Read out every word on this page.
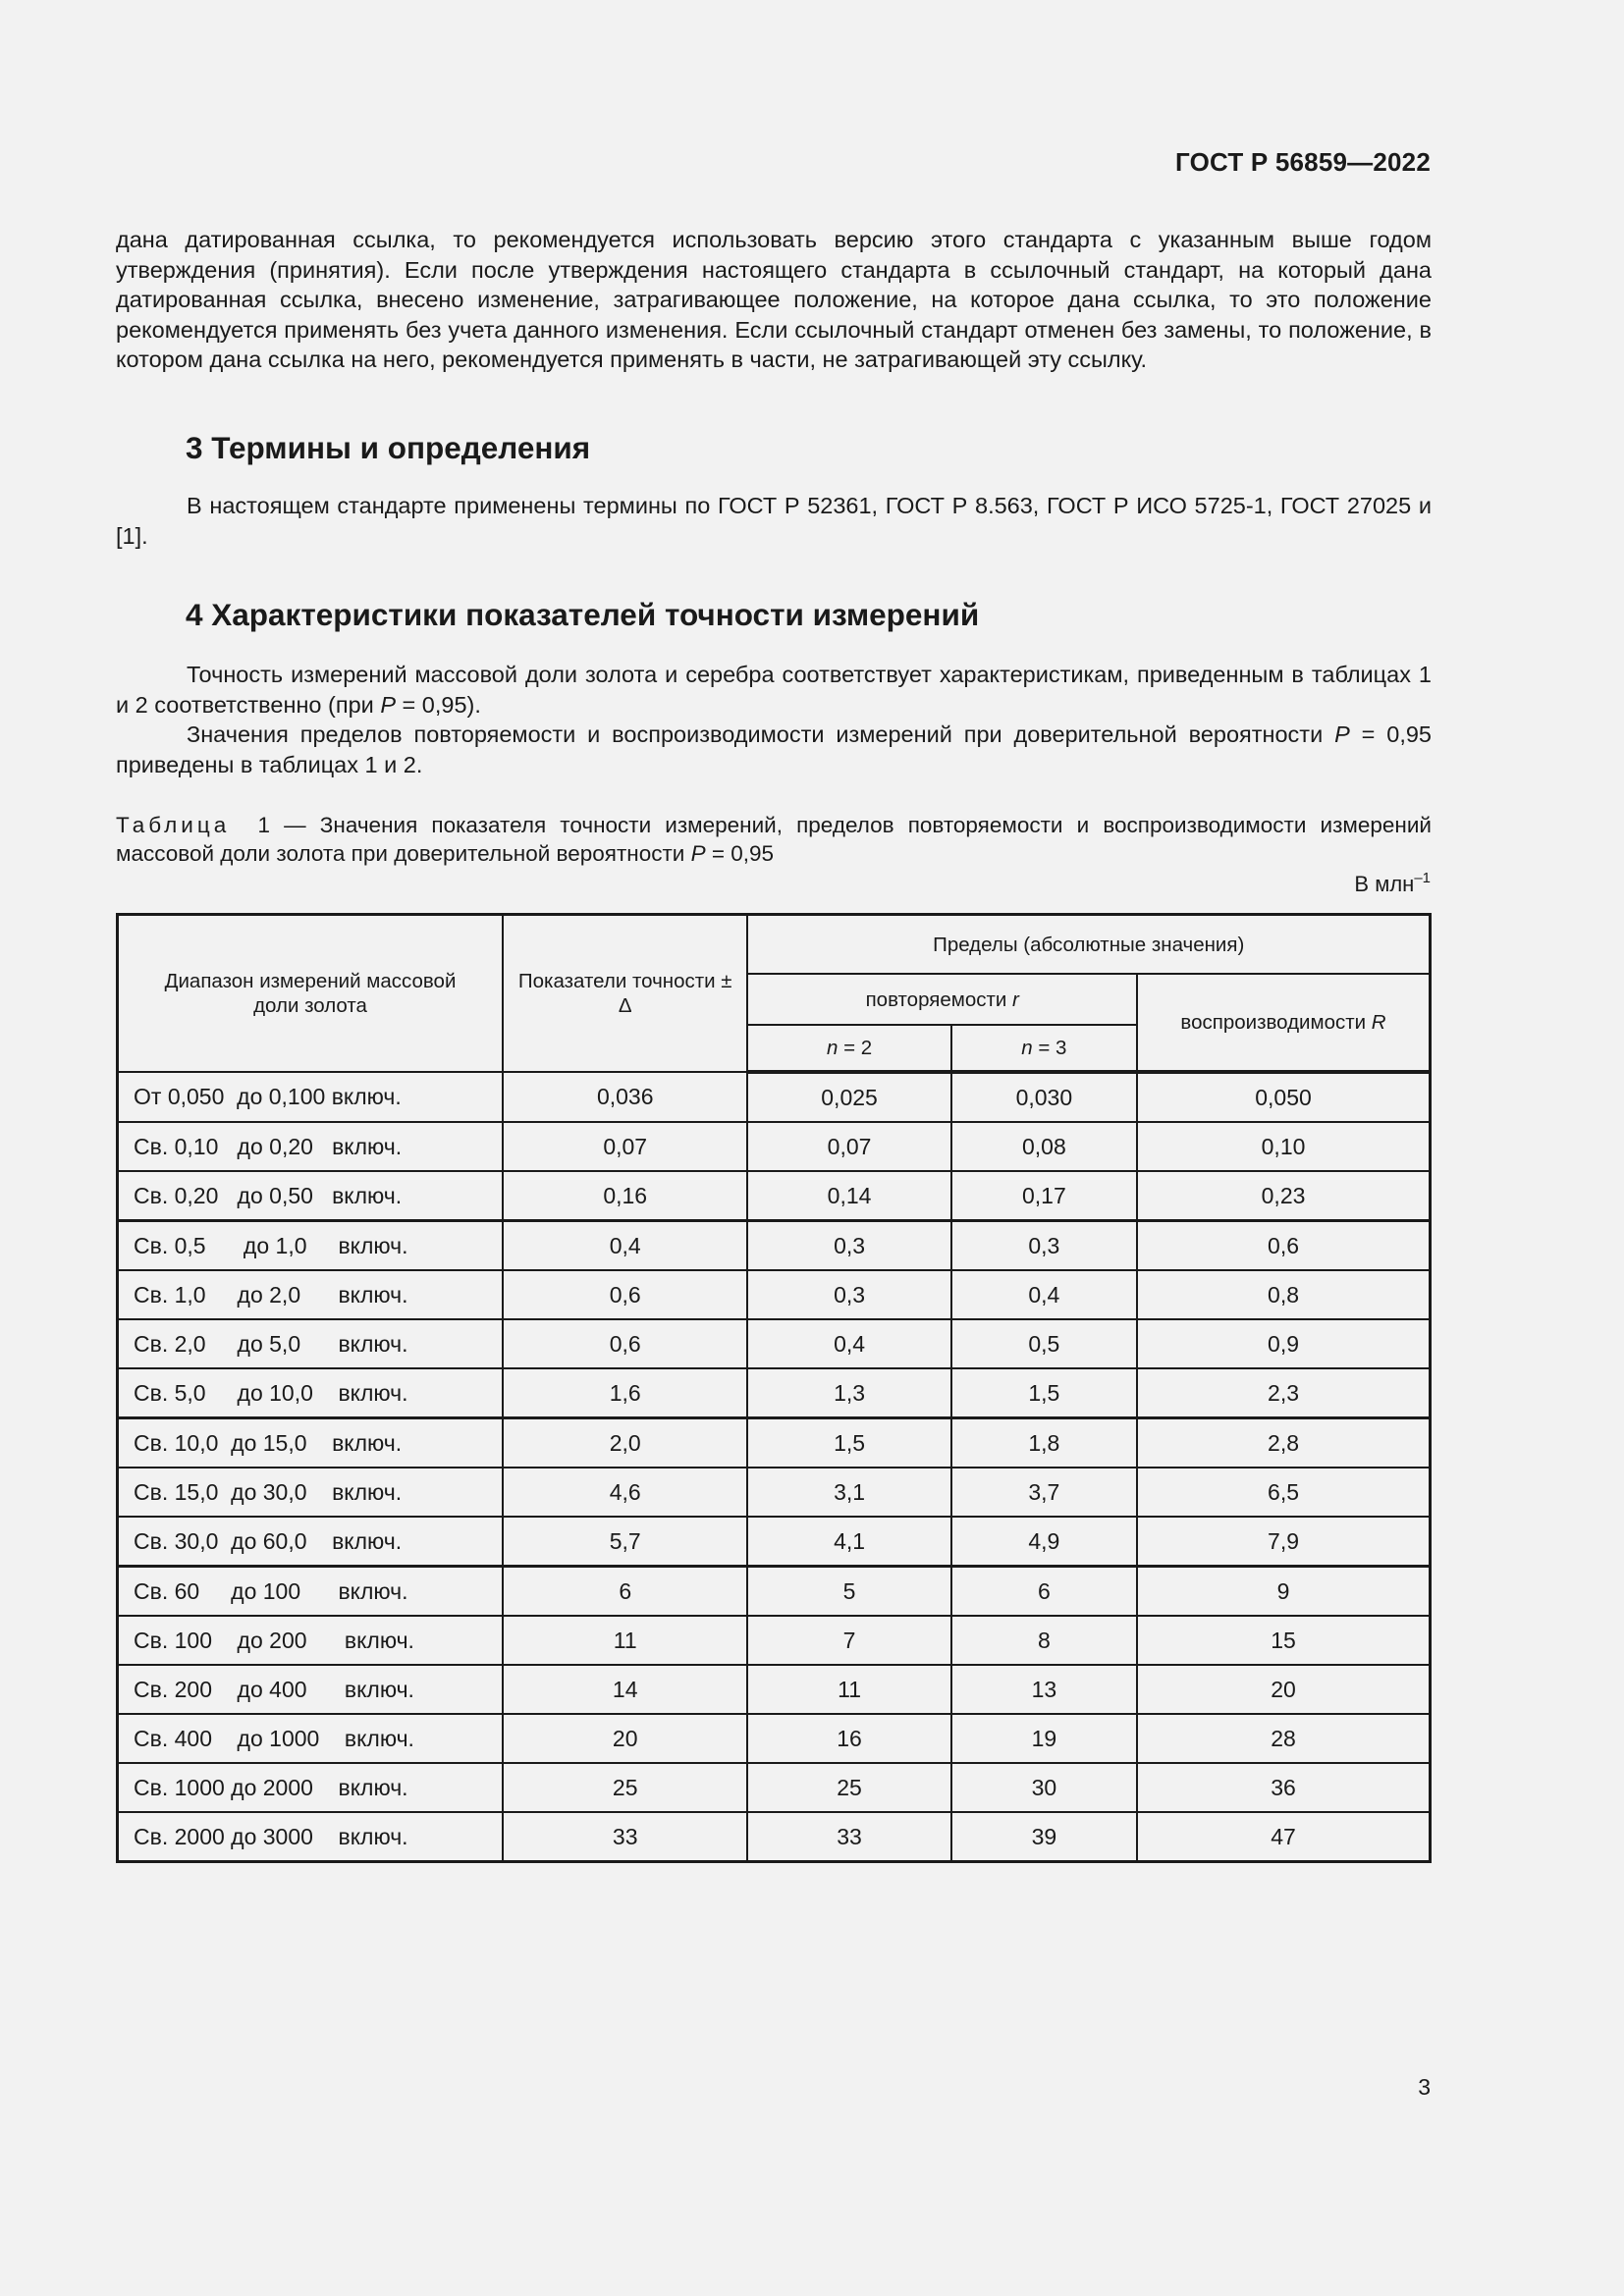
ГОСТ Р 56859—2022

дана датированная ссылка, то рекомендуется использовать версию этого стандарта с указанным выше годом утверждения (принятия). Если после утверждения настоящего стандарта в ссылочный стандарт, на который дана датированная ссылка, внесено изменение, затрагивающее положение, на которое дана ссылка, то это положение рекомендуется применять без учета данного изменения. Если ссылочный стандарт отменен без замены, то положение, в котором дана ссылка на него, рекомендуется применять в части, не затрагивающей эту ссылку.

3 Термины и определения

В настоящем стандарте применены термины по ГОСТ Р 52361, ГОСТ Р 8.563, ГОСТ Р ИСО 5725-1, ГОСТ 27025 и [1].

4 Характеристики показателей точности измерений

Точность измерений массовой доли золота и серебра соответствует характеристикам, приведенным в таблицах 1 и 2 соответственно (при P = 0,95).

Значения пределов повторяемости и воспроизводимости измерений при доверительной вероятности P = 0,95 приведены в таблицах 1 и 2.

Таблица 1 — Значения показателя точности измерений, пределов повторяемости и воспроизводимости измерений массовой доли золота при доверительной вероятности P = 0,95

В млн$^{-1}$
Диапазон измерений массовой доли золота	Показатели точности ± Δ	Пределы (абсолютные значения)		
		повторяемости r		воспроизводимости R
		n = 2	n = 3	
От 0,050  до 0,100 включ.	0,036	0,025	0,030	0,050
Св. 0,10   до 0,20   включ.	0,07	0,07	0,08	0,10
Св. 0,20   до 0,50   включ.	0,16	0,14	0,17	0,23
Св. 0,5      до 1,0     включ.	0,4	0,3	0,3	0,6
Св. 1,0     до 2,0      включ.	0,6	0,3	0,4	0,8
Св. 2,0     до 5,0      включ.	0,6	0,4	0,5	0,9
Св. 5,0     до 10,0    включ.	1,6	1,3	1,5	2,3
Св. 10,0  до 15,0    включ.	2,0	1,5	1,8	2,8
Св. 15,0  до 30,0    включ.	4,6	3,1	3,7	6,5
Св. 30,0  до 60,0    включ.	5,7	4,1	4,9	7,9
Св. 60     до 100      включ.	6	5	6	9
Св. 100    до 200      включ.	11	7	8	15
Св. 200    до 400      включ.	14	11	13	20
Св. 400    до 1000    включ.	20	16	19	28
Св. 1000 до 2000    включ.	25	25	30	36
Св. 2000 до 3000    включ.	33	33	39	47
3
